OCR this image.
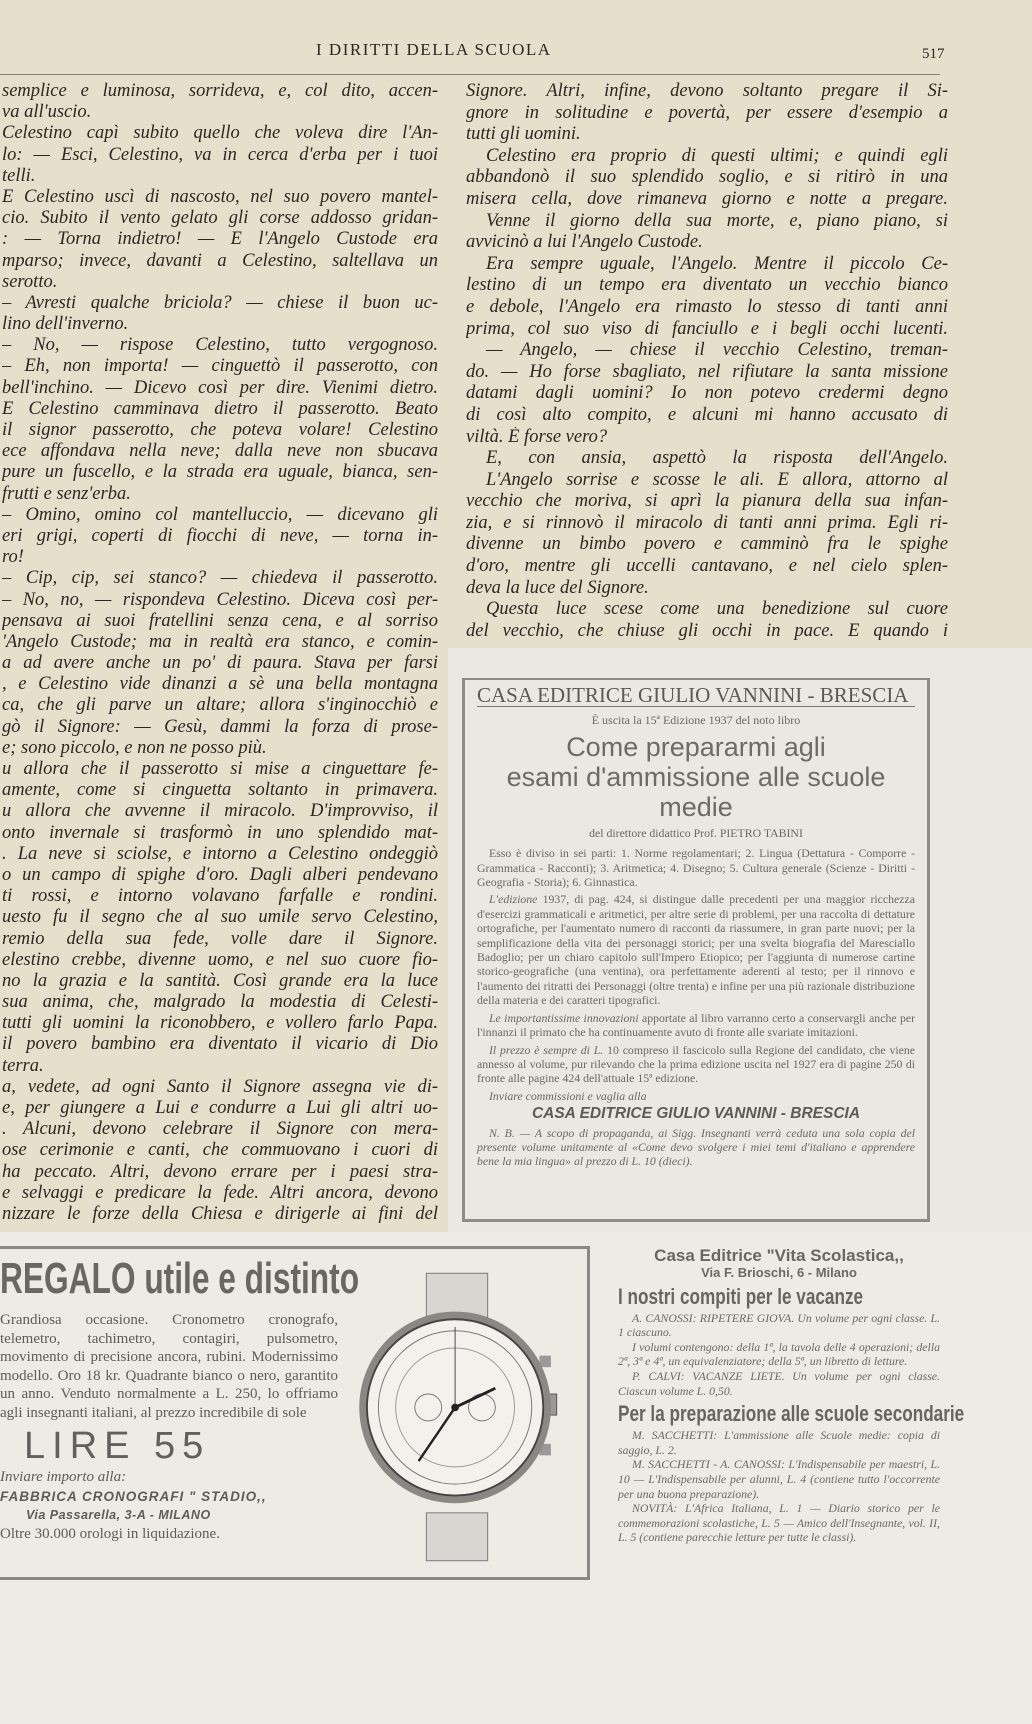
I DIRITTI DELLA SCUOLA	517
semplice e luminosa, sorrideva, e, col dito, accen-
va all'uscio.
Celestino capì subito quello che voleva dire l'An-
lo: — Esci, Celestino, va in cerca d'erba per i tuoi
telli.
E Celestino uscì di nascosto, nel suo povero mantel-
cio. Subito il vento gelato gli corse addosso gridan-
: — Torna indietro! — E l'Angelo Custode era
mparso; invece, davanti a Celestino, saltellava un
serotto.
– Avresti qualche briciola? — chiese il buon uc-
lino dell'inverno.
– No, — rispose Celestino, tutto vergognoso.
– Eh, non importa! — cinguettò il passerotto, con
bell'inchino. — Dicevo così per dire. Vienimi dietro.
E Celestino camminava dietro il passerotto. Beato
il signor passerotto, che poteva volare! Celestino
ece affondava nella neve; dalla neve non sbucava
pure un fuscello, e la strada era uguale, bianca, sen-
frutti e senz'erba.
– Omino, omino col mantelluccio, — dicevano gli
eri grigi, coperti di fiocchi di neve, — torna in-
ro!
– Cip, cip, sei stanco? — chiedeva il passerotto.
– No, no, — rispondeva Celestino. Diceva così per-
pensava ai suoi fratellini senza cena, e al sorriso
'Angelo Custode; ma in realtà era stanco, e comin-
a ad avere anche un po' di paura. Stava per farsi
, e Celestino vide dinanzi a sè una bella montagna
ca, che gli parve un altare; allora s'inginocchiò e
gò il Signore: — Gesù, dammi la forza di prose-
e; sono piccolo, e non ne posso più.
u allora che il passerotto si mise a cinguettare fe-
amente, come si cinguetta soltanto in primavera.
u allora che avvenne il miracolo. D'improvviso, il
onto invernale si trasformò in uno splendido mat-
. La neve si sciolse, e intorno a Celestino ondeggiò
o un campo di spighe d'oro. Dagli alberi pendevano
ti rossi, e intorno volavano farfalle e rondini.
uesto fu il segno che al suo umile servo Celestino,
remio della sua fede, volle dare il Signore.
elestino crebbe, divenne uomo, e nel suo cuore fio-
no la grazia e la santità. Così grande era la luce
sua anima, che, malgrado la modestia di Celesti-
tutti gli uomini la riconobbero, e vollero farlo Papa.
il povero bambino era diventato il vicario di Dio
terra.
a, vedete, ad ogni Santo il Signore assegna vie di-
e, per giungere a Lui e condurre a Lui gli altri uo-
. Alcuni, devono celebrare il Signore con mera-
ose cerimonie e canti, che commuovano i cuori di
ha peccato. Altri, devono errare per i paesi stra-
e selvaggi e predicare la fede. Altri ancora, devono
nizzare le forze della Chiesa e dirigerle ai fini del
Signore. Altri, infine, devono soltanto pregare il Si-
gnore in solitudine e povertà, per essere d'esempio a
tutti gli uomini.
Celestino era proprio di questi ultimi; e quindi egli
abbandonò il suo splendido soglio, e si ritirò in una
misera cella, dove rimaneva giorno e notte a pregare.
Venne il giorno della sua morte, e, piano piano, si
avvicinò a lui l'Angelo Custode.
Era sempre uguale, l'Angelo. Mentre il piccolo Ce-
lestino di un tempo era diventato un vecchio bianco
e debole, l'Angelo era rimasto lo stesso di tanti anni
prima, col suo viso di fanciullo e i begli occhi lucenti.
— Angelo, — chiese il vecchio Celestino, treman-
do. — Ho forse sbagliato, nel rifiutare la santa missione
datami dagli uomini? Io non potevo credermi degno
di così alto compito, e alcuni mi hanno accusato di
viltà. È forse vero?
E, con ansia, aspettò la risposta dell'Angelo.
L'Angelo sorrise e scosse le ali. E allora, attorno al
vecchio che moriva, si aprì la pianura della sua infan-
zia, e si rinnovò il miracolo di tanti anni prima. Egli ri-
divenne un bimbo povero e camminò fra le spighe
d'oro, mentre gli uccelli cantavano, e nel cielo splen-
deva la luce del Signore.
Questa luce scese come una benedizione sul cuore
del vecchio, che chiuse gli occhi in pace. E quando i
CASA EDITRICE GIULIO VANNINI - BRESCIA
È uscita la 15ª Edizione 1937 del noto libro
Come prepararmi agli
esami d'ammissione alle scuole medie
del direttore didattico Prof. PIETRO TABINI

Esso è diviso in sei parti: 1. Norme regolamentari; 2. Lingua (Dettatura - Comporre - Grammatica - Racconti); 3. Aritmetica; 4. Disegno; 5. Cultura generale (Scienze - Diritti - Geografia - Storia); 6. Ginnastica.

L'edizione 1937, di pag. 424, si distingue dalle precedenti per una maggior ricchezza d'esercizi grammaticali e aritmetici, per altre serie di problemi, per una raccolta di dettature ortografiche, per l'aumentato numero di racconti da riassumere, in gran parte nuovi; per la semplificazione della vita dei personaggi storici; per una svelta biografia del Maresciallo Badoglio; per un chiaro capitolo sull'Impero Etiopico; per l'aggiunta di numerose cartine storico-geografiche (una ventina), ora perfettamente aderenti al testo; per il rinnovo e l'aumento dei ritratti dei Personaggi (oltre trenta) e infine per una più razionale distribuzione della materia e dei caratteri tipografici.

Le importantissime innovazioni apportate al libro varranno certo a conservargli anche per l'innanzi il primato che ha continuamente avuto di fronte alle svariate imitazioni.

Il prezzo è sempre di L. 10 compreso il fascicolo sulla Regione del candidato, che viene annesso al volume, pur rilevando che la prima edizione uscita nel 1927 era di pagine 250 di fronte alle pagine 424 dell'attuale 15ª edizione.

Inviare commissioni e vaglia alla

CASA EDITRICE GIULIO VANNINI - BRESCIA

N. B. — A scopo di propaganda, ai Sigg. Insegnanti verrà ceduta una sola copia del presente volume unitamente al «Come devo svolgere i miei temi d'italiano e apprendere bene la mia lingua» al prezzo di L. 10 (dieci).

REGALO utile e distinto
Grandiosa occasione. Cronometro cronografo, telemetro, tachimetro, contagiri, pulsometro, movimento di precisione ancora, rubini. Modernissimo modello. Oro 18 kr. Quadrante bianco o nero, garantito un anno. Venduto normalmente a L. 250, lo offriamo agli insegnanti italiani, al prezzo incredibile di sole
LIRE 55
Inviare importo alla:
FABBRICA CRONOGRAFI " STADIO,,
Via Passarella, 3-A - MILANO
Oltre 30.000 orologi in liquidazione.
Casa Editrice "Vita Scolastica,,
Via F. Brioschi, 6 - Milano
I nostri compiti per le vacanze

A. CANOSSI: RIPETERE GIOVA. Un volume per ogni classe. L. 1 ciascuno.

I volumi contengono: della 1ª, la tavola delle 4 operazioni; della 2ª, 3ª e 4ª, un equivalenziatore; della 5ª, un libretto di letture.

P. CALVI: VACANZE LIETE. Un volume per ogni classe. Ciascun volume L. 0,50.

Per la preparazione alle scuole secondarie

M. SACCHETTI: L'ammissione alle Scuole medie: copia di saggio, L. 2.

M. SACCHETTI - A. CANOSSI: L'Indispensabile per maestri, L. 10 — L'Indispensabile per alunni, L. 4 (contiene tutto l'occorrente per una buona preparazione).

NOVITÀ: L'Africa Italiana, L. 1 — Diario storico per le commemorazioni scolastiche, L. 5 — Amico dell'Insegnante, vol. II, L. 5 (contiene parecchie letture per tutte le classi).
